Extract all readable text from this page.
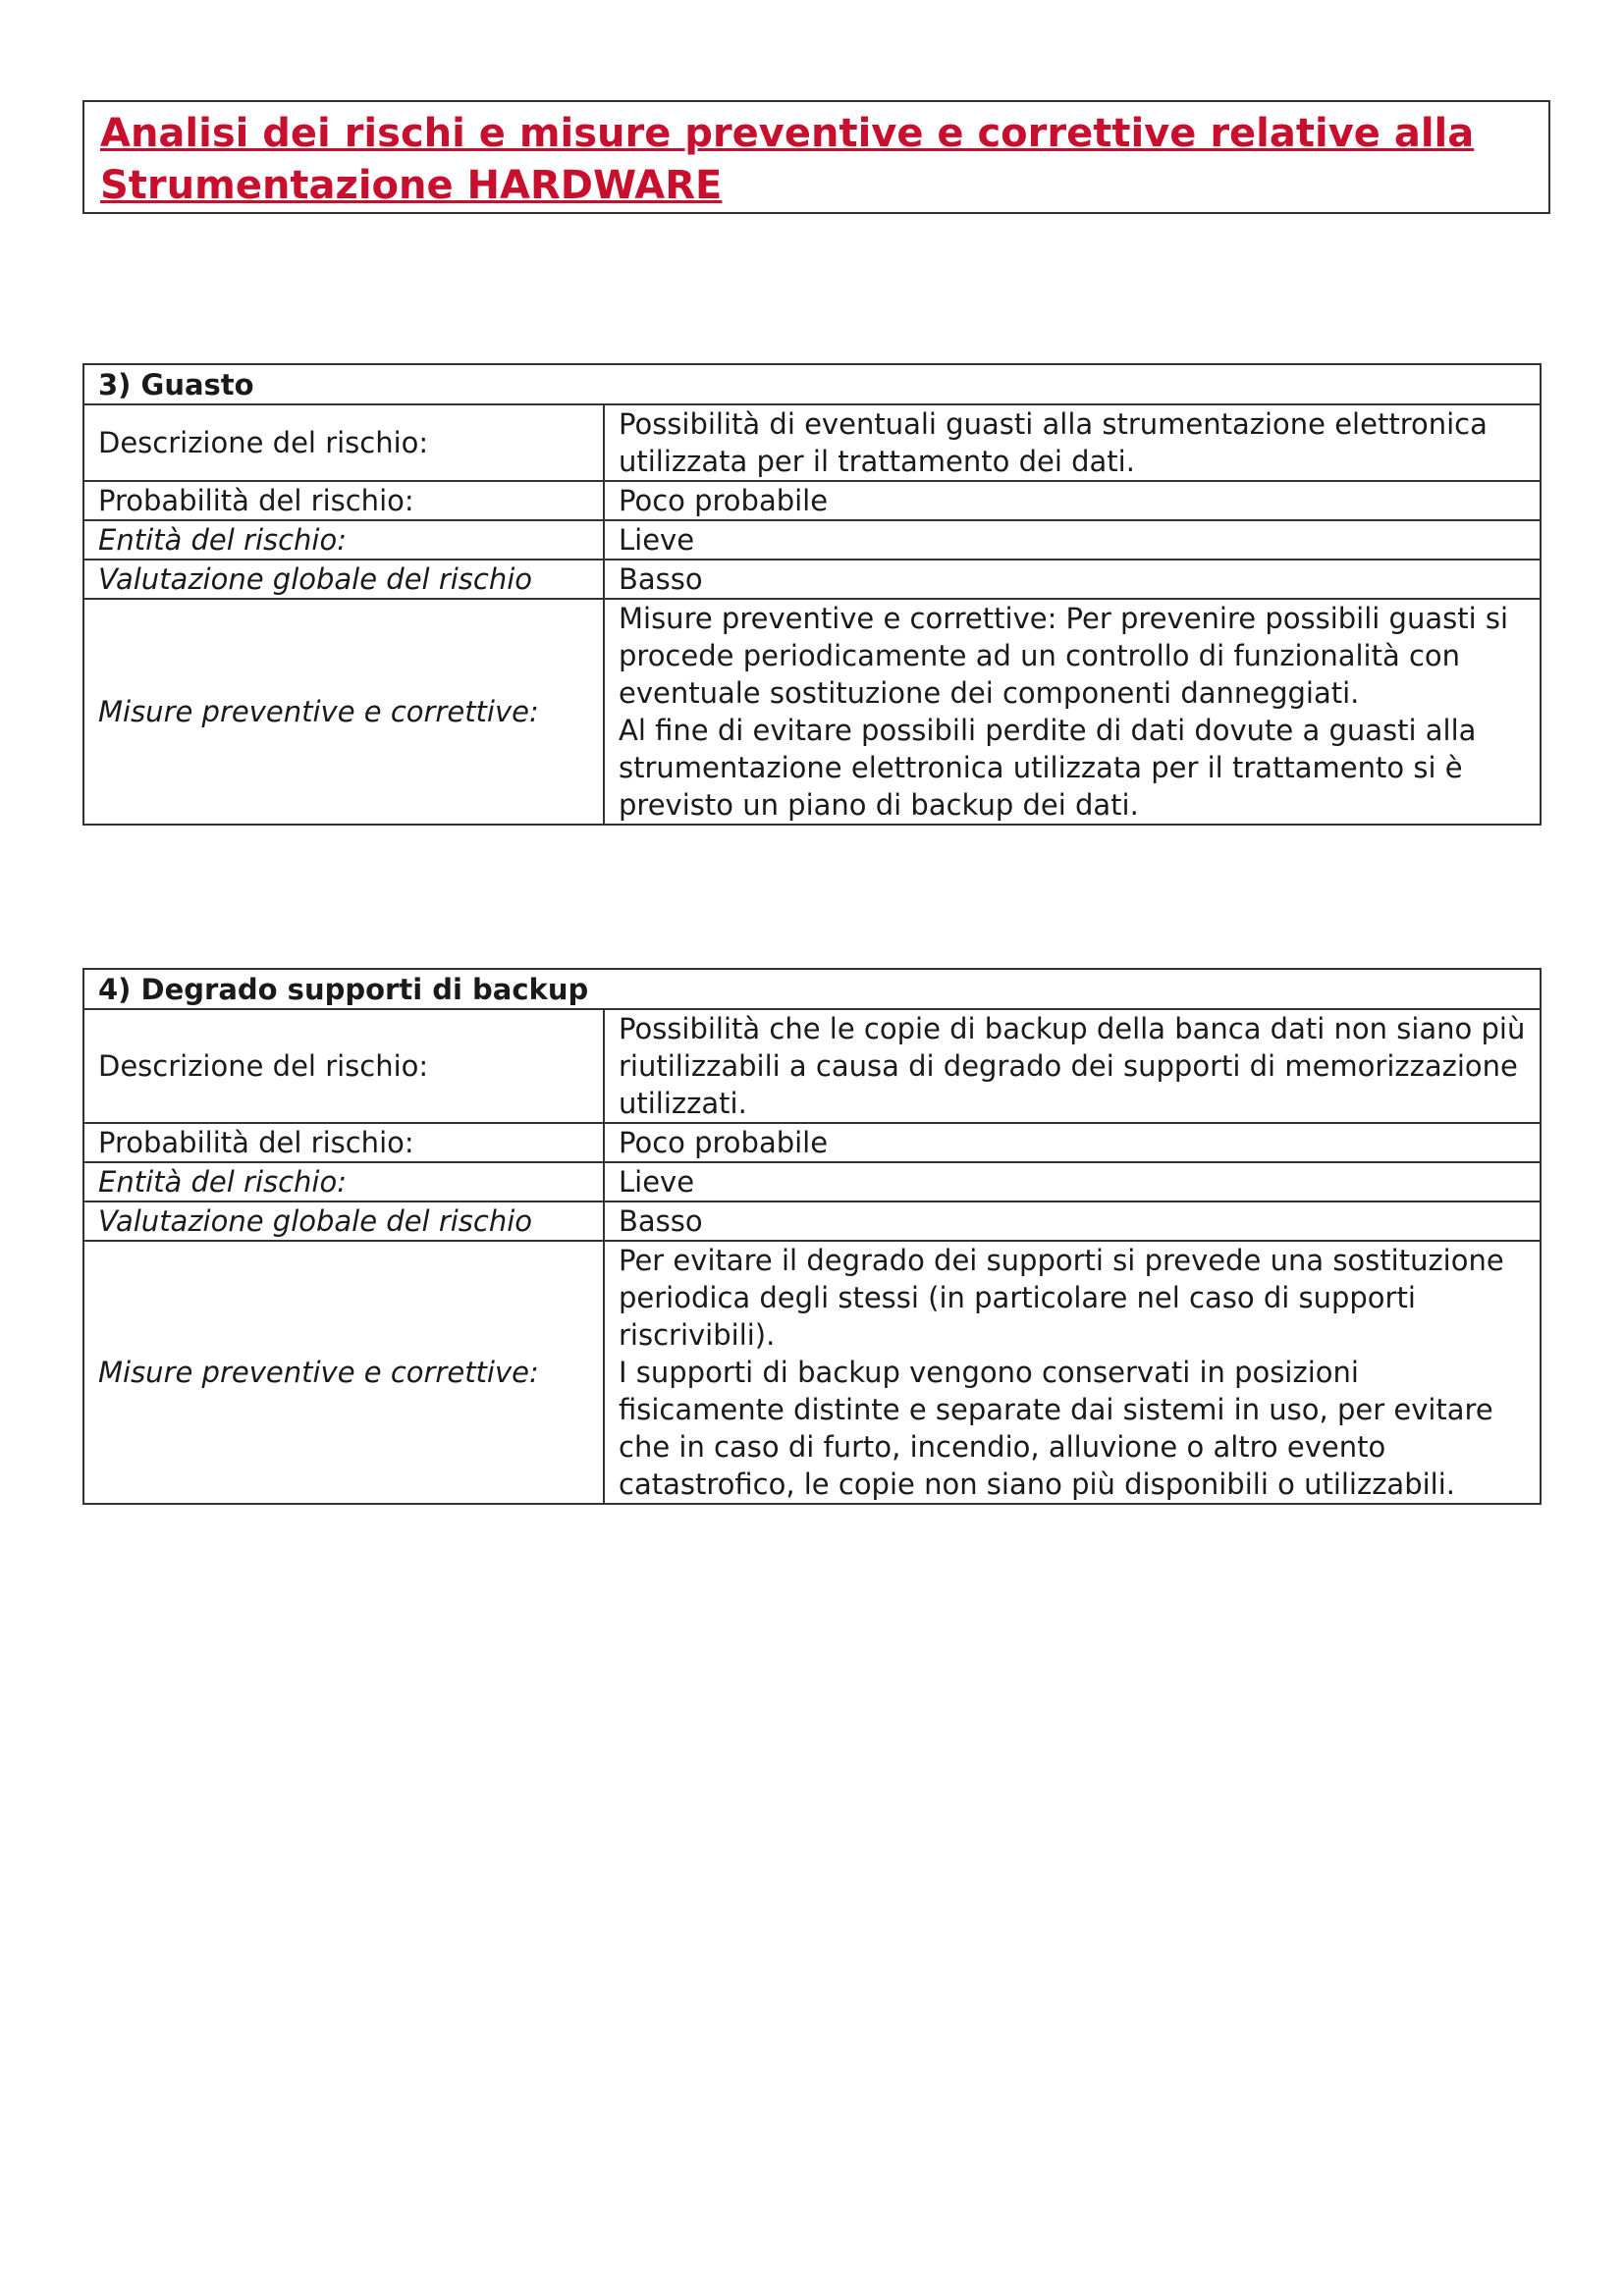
Analisi dei rischi e misure preventive e correttive relative alla
Strumentazione HARDWARE

3) Guasto	
Descrizione del rischio:	Possibilità di eventuali guasti alla strumentazione elettronica utilizzata per il trattamento dei dati.
Probabilità del rischio:	Poco probabile
Entità del rischio:	Lieve
Valutazione globale del rischio	Basso
Misure preventive e correttive:	Misure preventive e correttive: Per prevenire possibili guasti si procede periodicamente ad un controllo di funzionalità con eventuale sostituzione dei componenti danneggiati.
Al fine di evitare possibili perdite di dati dovute a guasti alla strumentazione elettronica utilizzata per il trattamento si è previsto un piano di backup dei dati.
4) Degrado supporti di backup	
Descrizione del rischio:	Possibilità che le copie di backup della banca dati non siano più riutilizzabili a causa di degrado dei supporti di memorizzazione utilizzati.
Probabilità del rischio:	Poco probabile
Entità del rischio:	Lieve
Valutazione globale del rischio	Basso
Misure preventive e correttive:	Per evitare il degrado dei supporti si prevede una sostituzione periodica degli stessi (in particolare nel caso di supporti riscrivibili).
I supporti di backup vengono conservati in posizioni fisicamente distinte e separate dai sistemi in uso, per evitare che in caso di furto, incendio, alluvione o altro evento catastrofico, le copie non siano più disponibili o utilizzabili.
